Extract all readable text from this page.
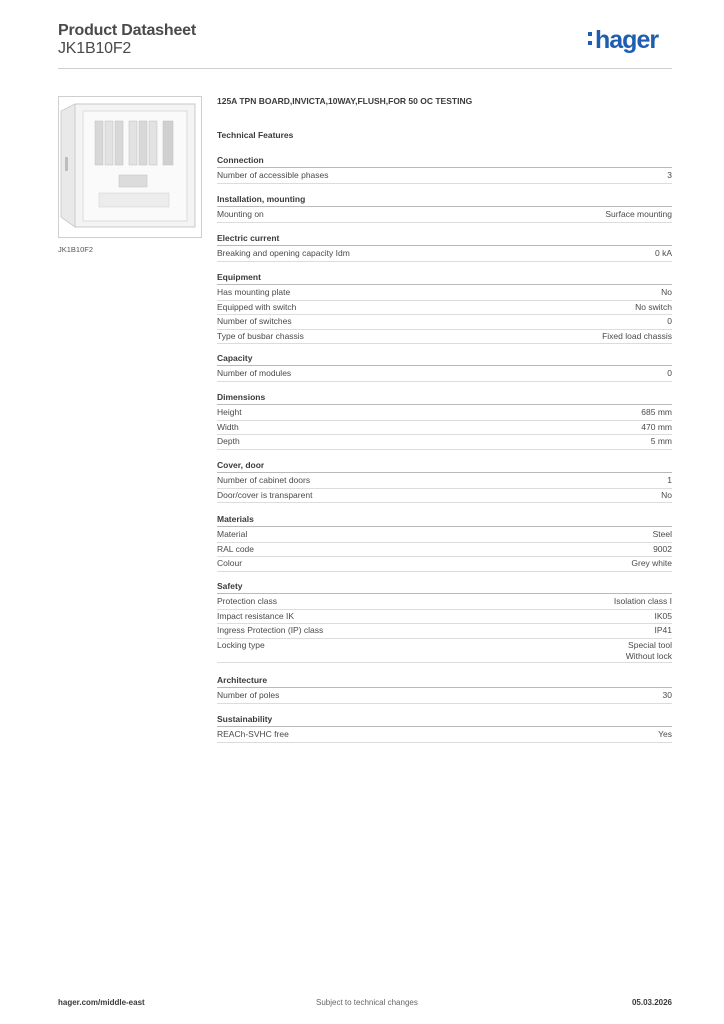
Product Datasheet
JK1B10F2	hager
JK1B10F2
125A TPN BOARD,INVICTA,10WAY,FLUSH,FOR 50 OC TESTING
Technical Features
Connection
Number of accessible phases	3
Installation, mounting
Mounting on	Surface mounting
Electric current
Breaking and opening capacity Idm	0 kA
Equipment
Has mounting plate	No
Equipped with switch	No switch
Number of switches	0
Type of busbar chassis	Fixed load chassis
Capacity
Number of modules	0
Dimensions
Height	685 mm
Width	470 mm
Depth	5 mm
Cover, door
Number of cabinet doors	1
Door/cover is transparent	No
Materials
Material	Steel
RAL code	9002
Colour	Grey white
Safety
Protection class	Isolation class I
Impact resistance IK	IK05
Ingress Protection (IP) class	IP41
Locking type	Special tool
Without lock
Architecture
Number of poles	30
Sustainability
REACh-SVHC free	Yes
hager.com/middle-east	Subject to technical changes	05.03.2026
